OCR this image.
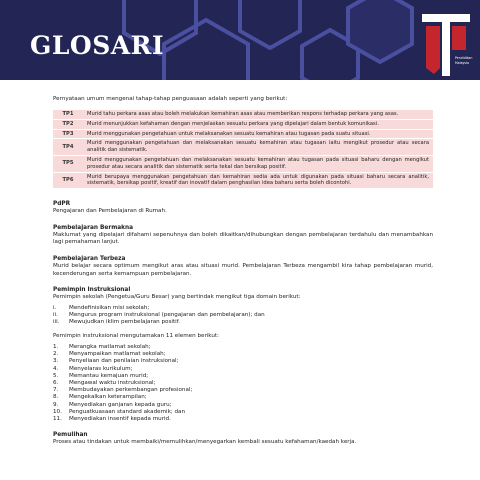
GLOSARI	Pendidikan
Malaysia

Pernyataan umum mengenai tahap-tahap penguasaan adalah seperti yang berikut:

TP1	Murid tahu perkara asas atau boleh melakukan kemahiran asas atau memberikan respons terhadap perkara yang asas.
TP2	Murid menunjukkan kefahaman dengan menjelaskan sesuatu perkara yang dipelajari dalam bentuk komunikasi.
TP3	Murid menggunakan pengetahuan untuk melaksanakan sesuatu kemahiran atau tugasan pada suatu situasi.
TP4	Murid menggunakan pengetahuan dan melaksanakan sesuatu kemahiran atau tugasan iaitu mengikut prosedur atau secara analitik dan sistematik.
TP5	Murid menggunakan pengetahuan dan melaksanakan sesuatu kemahiran atau tugasan pada situasi baharu dengan mengikut prosedur atau secara analitik dan sistematik serta tekal dan bersikap positif.
TP6	Murid berupaya menggunakan pengetahuan dan kemahiran sedia ada untuk digunakan pada situasi baharu secara analitik, sistematik, bersikap positif, kreatif dan inovatif dalam penghasilan idea baharu serta boleh dicontohi.

PdPR

Pengajaran dan Pembelajaran di Rumah.

Pembelajaran Bermakna

Maklumat yang dipelajari difahami sepenuhnya dan boleh dikaitkan/dihubungkan dengan pembelajaran terdahulu dan menambahkan lagi pemahaman lanjut.

Pembelajaran Terbeza

Murid belajar secara optimum mengikut aras atau situasi murid. Pembelajaran Terbeza mengambil kira tahap pembelajaran murid, kecenderungan serta kemampuan pembelajaran.

Pemimpin Instruksional

Pemimpin sekolah (Pengetua/Guru Besar) yang bertindak mengikut tiga domain berikut:

i.	Mendefinisikan misi sekolah;
ii.	Mengurus program instruksional (pengajaran dan pembelajaran); dan
iii.	Mewujudkan iklim pembelajaran positif.

Pemimpin instruksional mengutamakan 11 elemen berikut:

1.	Merangka matlamat sekolah;
2.	Menyampaikan matlamat sekolah;
3.	Penyeliaan dan penilaian instruksional;
4.	Menyelaras kurikulum;
5.	Memantau kemajuan murid;
6.	Mengawal waktu instruksional;
7.	Membudayakan perkembangan profesional;
8.	Mengekalkan keterampilan;
9.	Menyediakan ganjaran kepada guru;
10.	Penguatkuasaan standard akademik; dan
11.	Menyediakan insentif kepada murid.

Pemulihan

Proses atau tindakan untuk membaiki/memulihkan/menyegarkan kembali sesuatu kefahaman/kaedah kerja.
